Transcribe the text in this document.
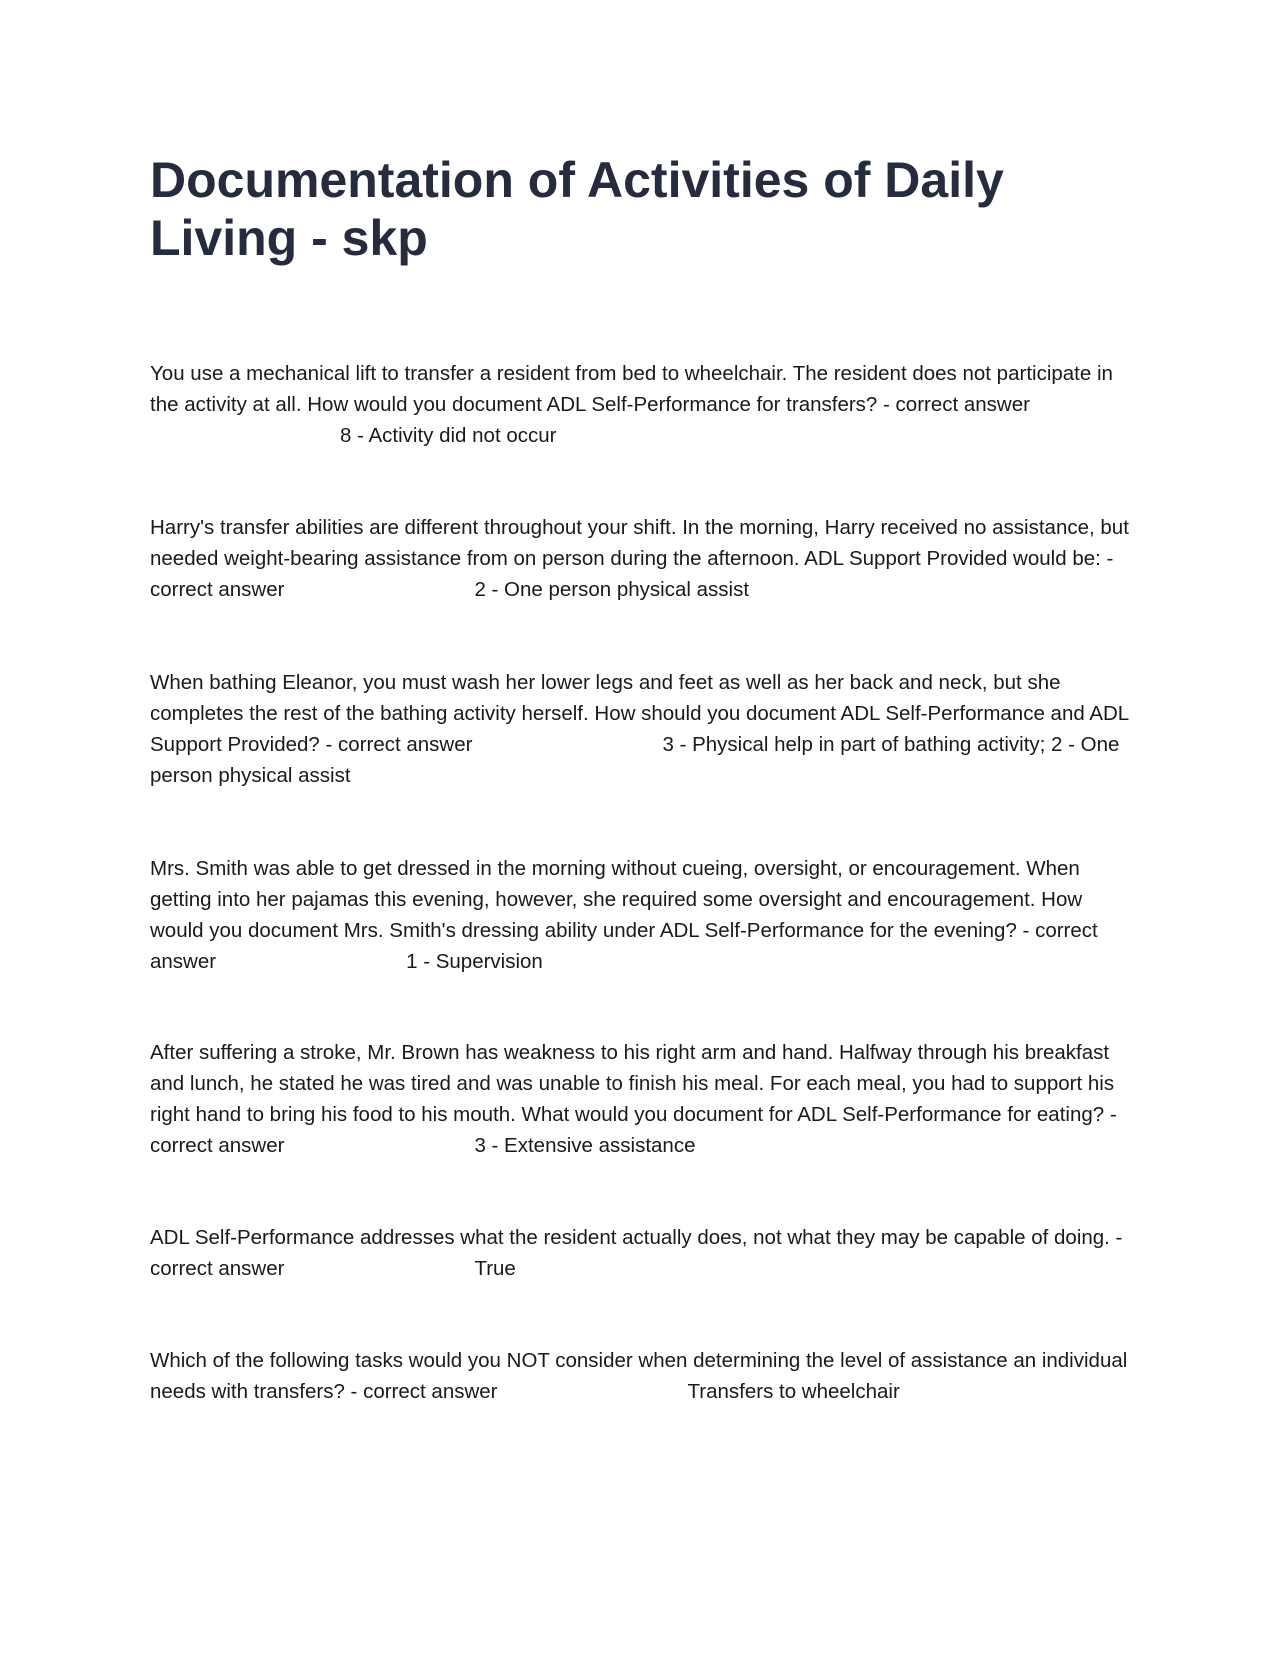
Documentation of Activities of Daily Living - skp

You use a mechanical lift to transfer a resident from bed to wheelchair. The resident does not participate in the activity at all. How would you document ADL Self-Performance for transfers? - correct answer8 - Activity did not occur

Harry's transfer abilities are different throughout your shift. In the morning, Harry received no assistance, but needed weight-bearing assistance from on person during the afternoon. ADL Support Provided would be: - correct answer	2 - One person physical assist

When bathing Eleanor, you must wash her lower legs and feet as well as her back and neck, but she completes the rest of the bathing activity herself. How should you document ADL Self-Performance and ADL Support Provided? - correct answer	3 - Physical help in part of bathing activity; 2 - One person physical assist

Mrs. Smith was able to get dressed in the morning without cueing, oversight, or encouragement. When getting into her pajamas this evening, however, she required some oversight and encouragement. How would you document Mrs. Smith's dressing ability under ADL Self-Performance for the evening? - correct answer	1 - Supervision

After suffering a stroke, Mr. Brown has weakness to his right arm and hand. Halfway through his breakfast and lunch, he stated he was tired and was unable to finish his meal. For each meal, you had to support his right hand to bring his food to his mouth. What would you document for ADL Self-Performance for eating? - correct answer	3 - Extensive assistance

ADL Self-Performance addresses what the resident actually does, not what they may be capable of doing. - correct answer	True

Which of the following tasks would you NOT consider when determining the level of assistance an individual needs with transfers? - correct answer	Transfers to wheelchair
